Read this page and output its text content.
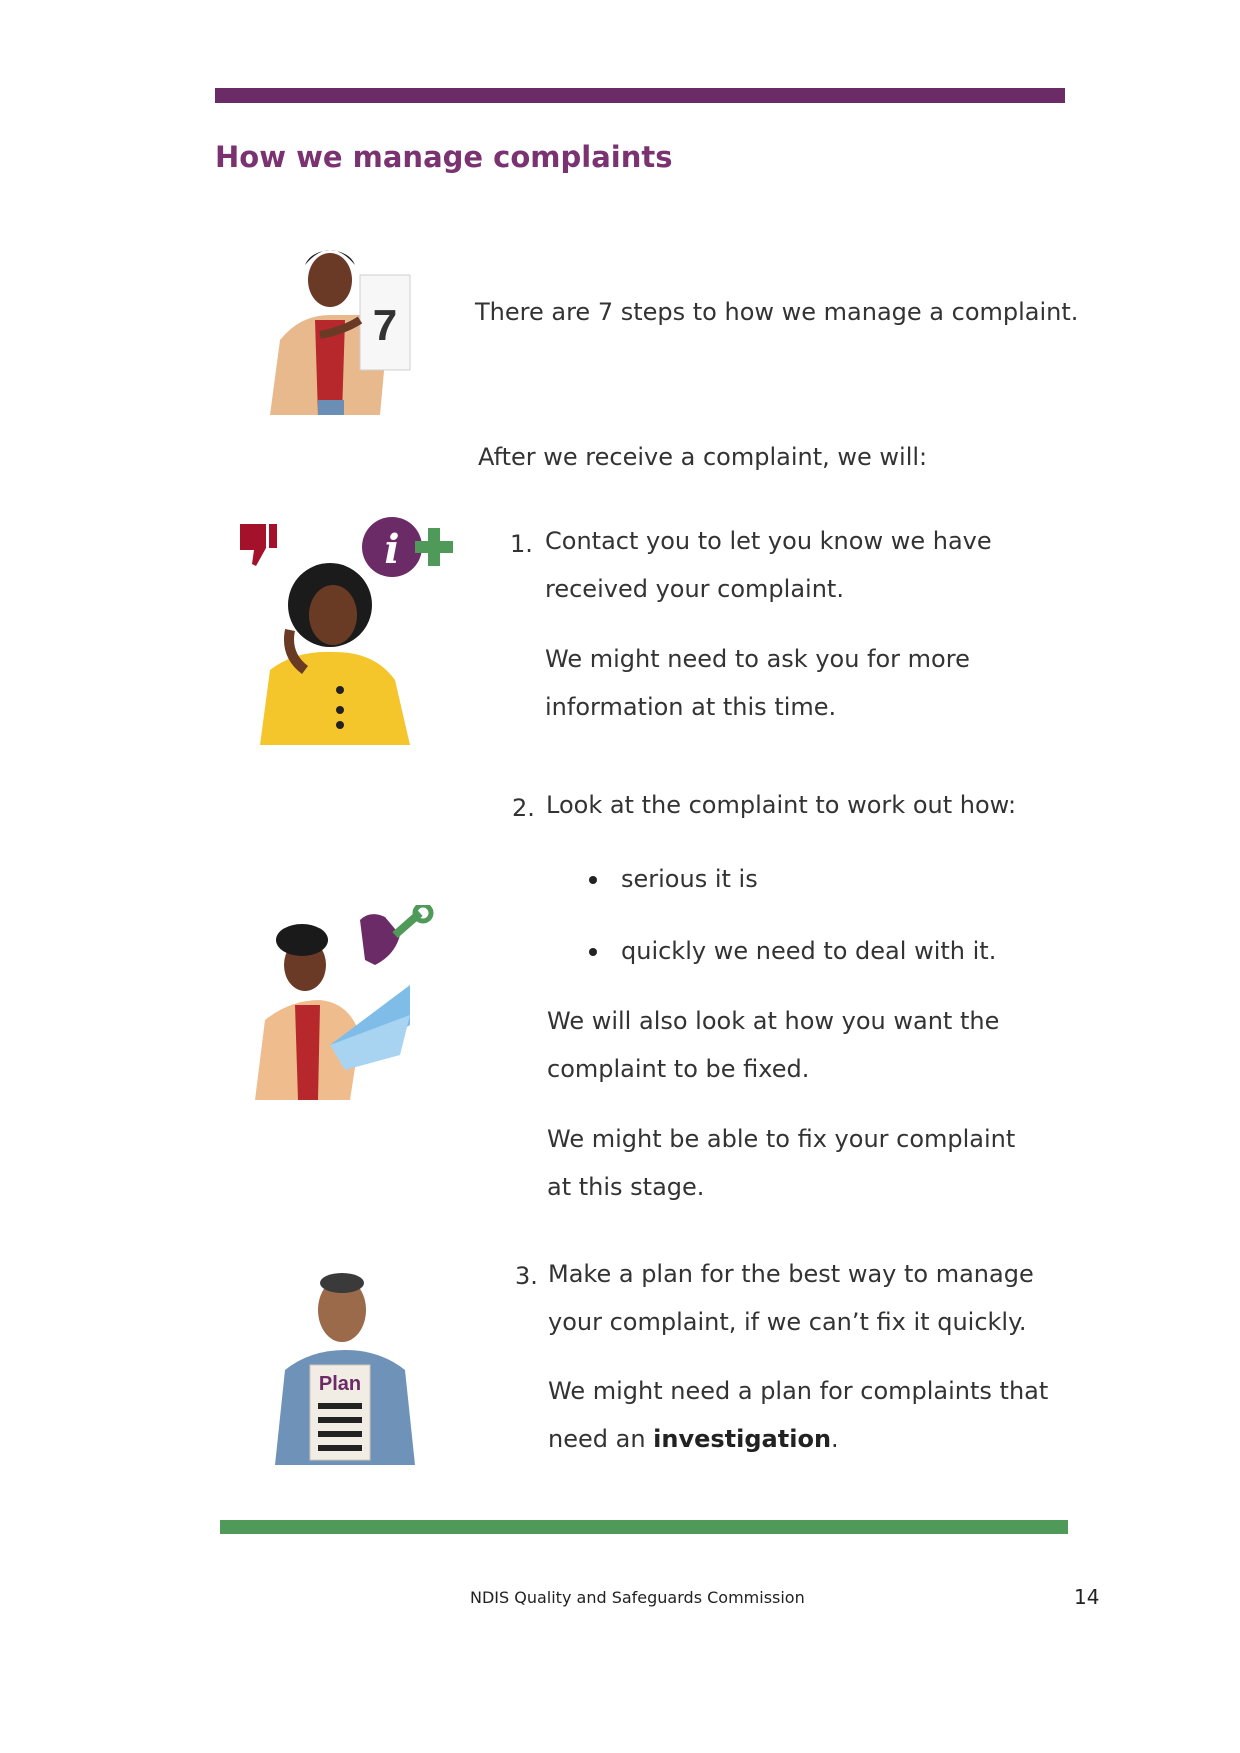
How we manage complaints
7	There are 7 steps to how we manage a complaint.
After we receive a complaint, we will:
i	1. Contact you to let you know we have
received your complaint.
We might need to ask you for more
information at this time.
2. Look at the complaint to work out how:
serious it is
quickly we need to deal with it.
We will also look at how you want the
complaint to be fixed.
We might be able to fix your complaint
at this stage.
3. Make a plan for the best way to manage
your complaint, if we can’t fix it quickly.
We might need a plan for complaints that
need an investigation.
Plan
NDIS Quality and Safeguards Commission	14
